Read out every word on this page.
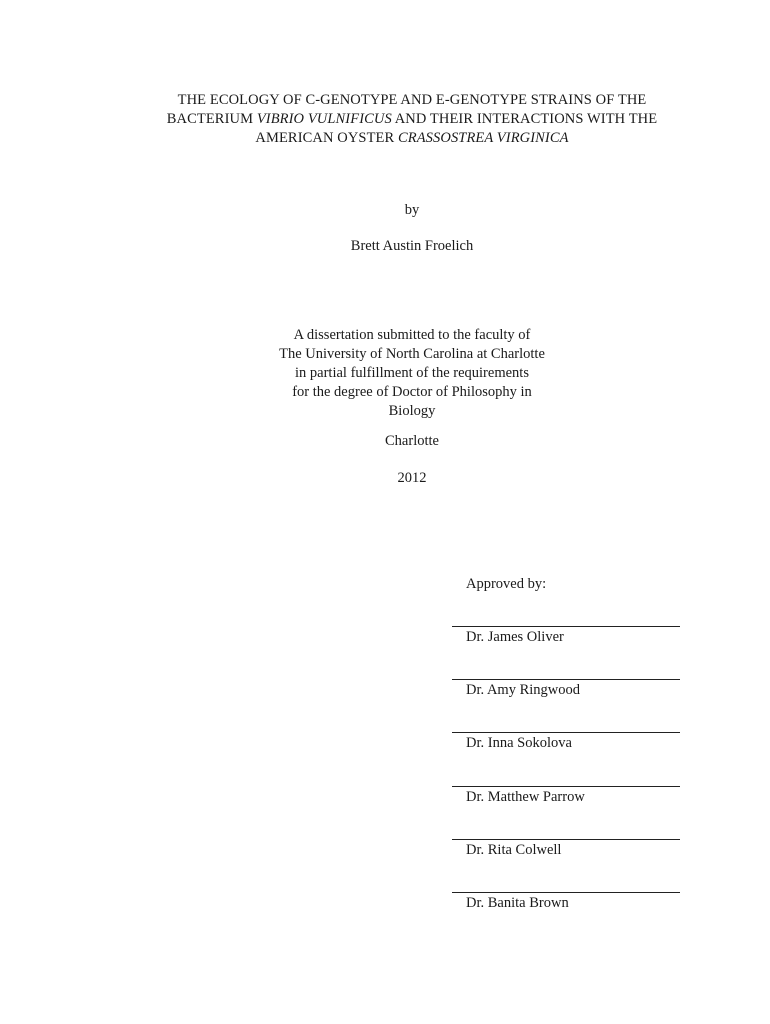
THE ECOLOGY OF C-GENOTYPE AND E-GENOTYPE STRAINS OF THE
BACTERIUM VIBRIO VULNIFICUS AND THEIR INTERACTIONS WITH THE
AMERICAN OYSTER CRASSOSTREA VIRGINICA
by
Brett Austin Froelich
A dissertation submitted to the faculty of
The University of North Carolina at Charlotte
in partial fulfillment of the requirements
for the degree of Doctor of Philosophy in
Biology
Charlotte
2012
Approved by:
Dr. James Oliver
Dr. Amy Ringwood
Dr. Inna Sokolova
Dr. Matthew Parrow
Dr. Rita Colwell
Dr. Banita Brown
